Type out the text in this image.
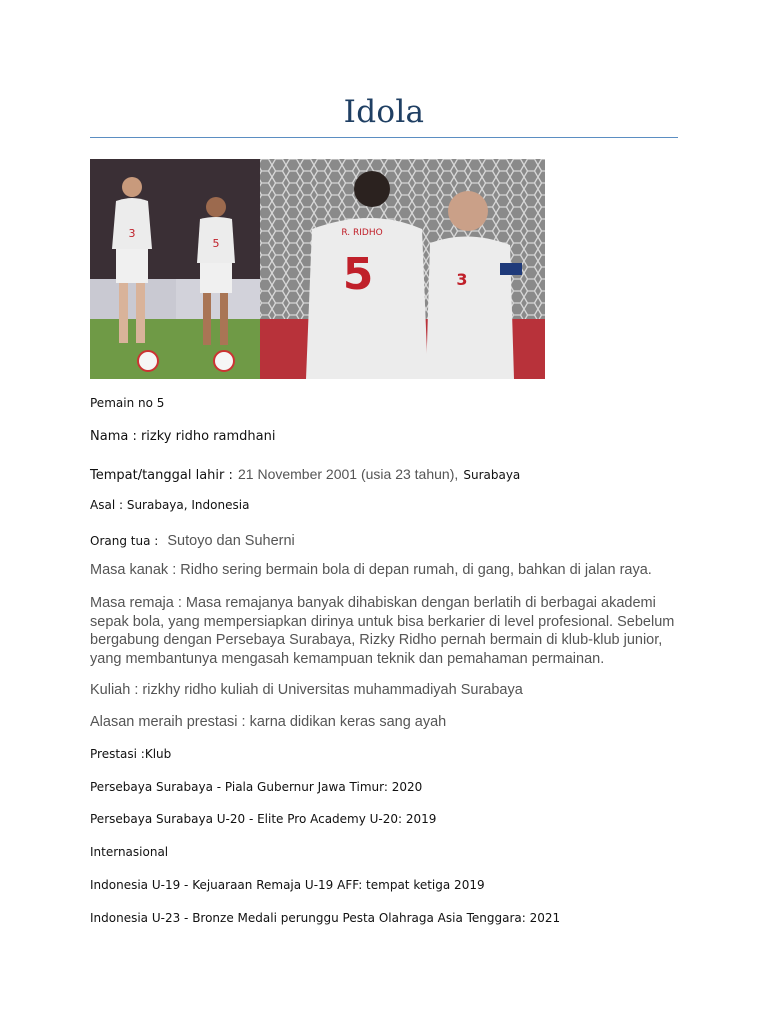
Idola
3
5
R. RIDHO
5	3
Pemain no 5
Nama : rizky ridho ramdhani
Tempat/tanggal lahir : 21 November 2001 (usia 23 tahun), Surabaya
Asal : Surabaya, Indonesia
Orang tua : Sutoyo dan Suherni
Masa kanak : Ridho sering bermain bola di depan rumah, di gang, bahkan di jalan raya.
Masa remaja : Masa remajanya banyak dihabiskan dengan berlatih di berbagai akademi sepak bola, yang mempersiapkan dirinya untuk bisa berkarier di level profesional. Sebelum bergabung dengan Persebaya Surabaya, Rizky Ridho pernah bermain di klub-klub junior, yang membantunya mengasah kemampuan teknik dan pemahaman permainan.
Kuliah : rizkhy ridho kuliah di Universitas muhammadiyah Surabaya
Alasan meraih prestasi : karna didikan keras sang ayah
Prestasi :Klub
Persebaya Surabaya - Piala Gubernur Jawa Timur: 2020
Persebaya Surabaya U-20 - Elite Pro Academy U-20: 2019
Internasional
Indonesia U-19 - Kejuaraan Remaja U-19 AFF: tempat ketiga 2019
Indonesia U-23 - Bronze Medali perunggu Pesta Olahraga Asia Tenggara: 2021
